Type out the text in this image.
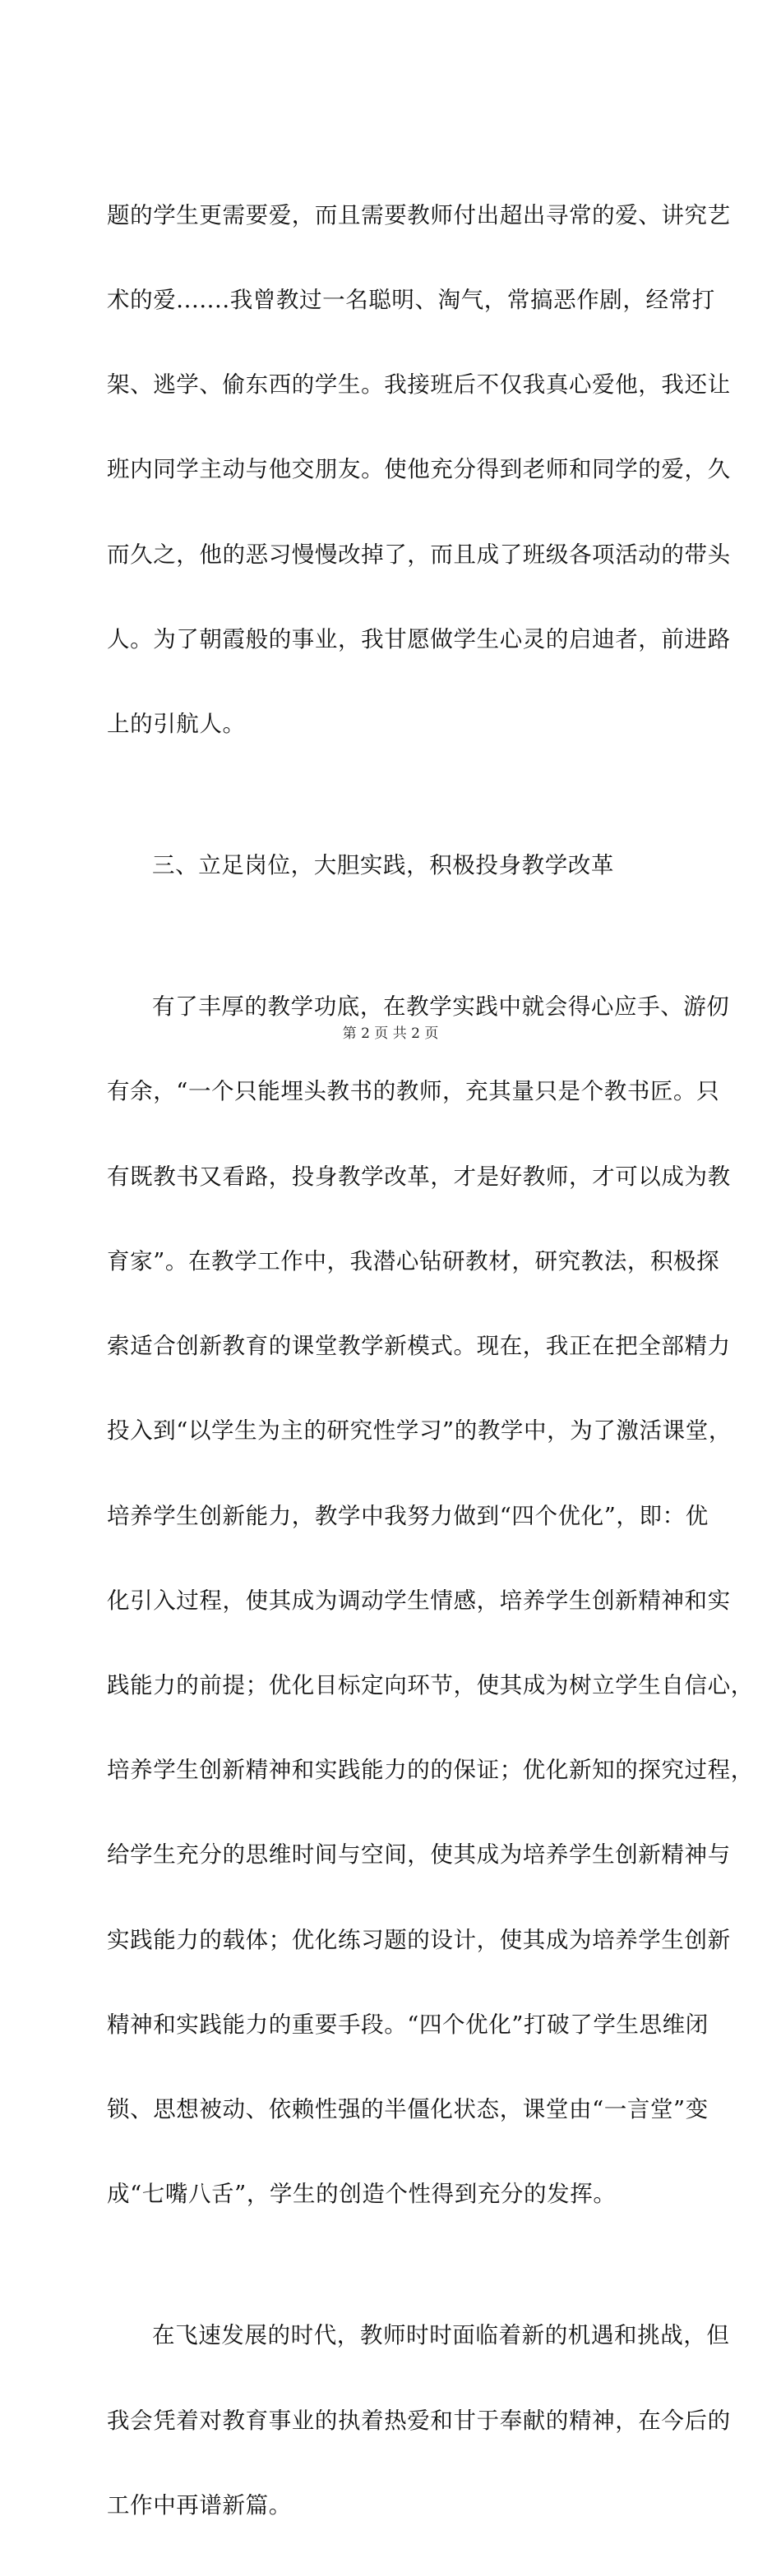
题的学生更需要爱，而且需要教师付出超出寻常的爱、讲究艺

术的爱.......我曾教过一名聪明、淘气，常搞恶作剧，经常打

架、逃学、偷东西的学生。我接班后不仅我真心爱他，我还让

班内同学主动与他交朋友。使他充分得到老师和同学的爱，久

而久之，他的恶习慢慢改掉了，而且成了班级各项活动的带头

人。为了朝霞般的事业，我甘愿做学生心灵的启迪者，前进路

上的引航人。

三、立足岗位，大胆实践，积极投身教学改革

有了丰厚的教学功底，在教学实践中就会得心应手、游仞

有余，“一个只能埋头教书的教师，充其量只是个教书匠。只

有既教书又看路，投身教学改革，才是好教师，才可以成为教

育家”。在教学工作中，我潜心钻研教材，研究教法，积极探

索适合创新教育的课堂教学新模式。现在，我正在把全部精力

投入到“以学生为主的研究性学习”的教学中，为了激活课堂，

培养学生创新能力，教学中我努力做到“四个优化”，即：优

化引入过程，使其成为调动学生情感，培养学生创新精神和实

践能力的前提；优化目标定向环节，使其成为树立学生自信心，

培养学生创新精神和实践能力的的保证；优化新知的探究过程，

给学生充分的思维时间与空间，使其成为培养学生创新精神与

实践能力的载体；优化练习题的设计，使其成为培养学生创新

精神和实践能力的重要手段。“四个优化”打破了学生思维闭

锁、思想被动、依赖性强的半僵化状态，课堂由“一言堂”变

成“七嘴八舌”，学生的创造个性得到充分的发挥。

在飞速发展的时代，教师时时面临着新的机遇和挑战，但

我会凭着对教育事业的执着热爱和甘于奉献的精神，在今后的

工作中再谱新篇。

第 2 页 共 2 页
